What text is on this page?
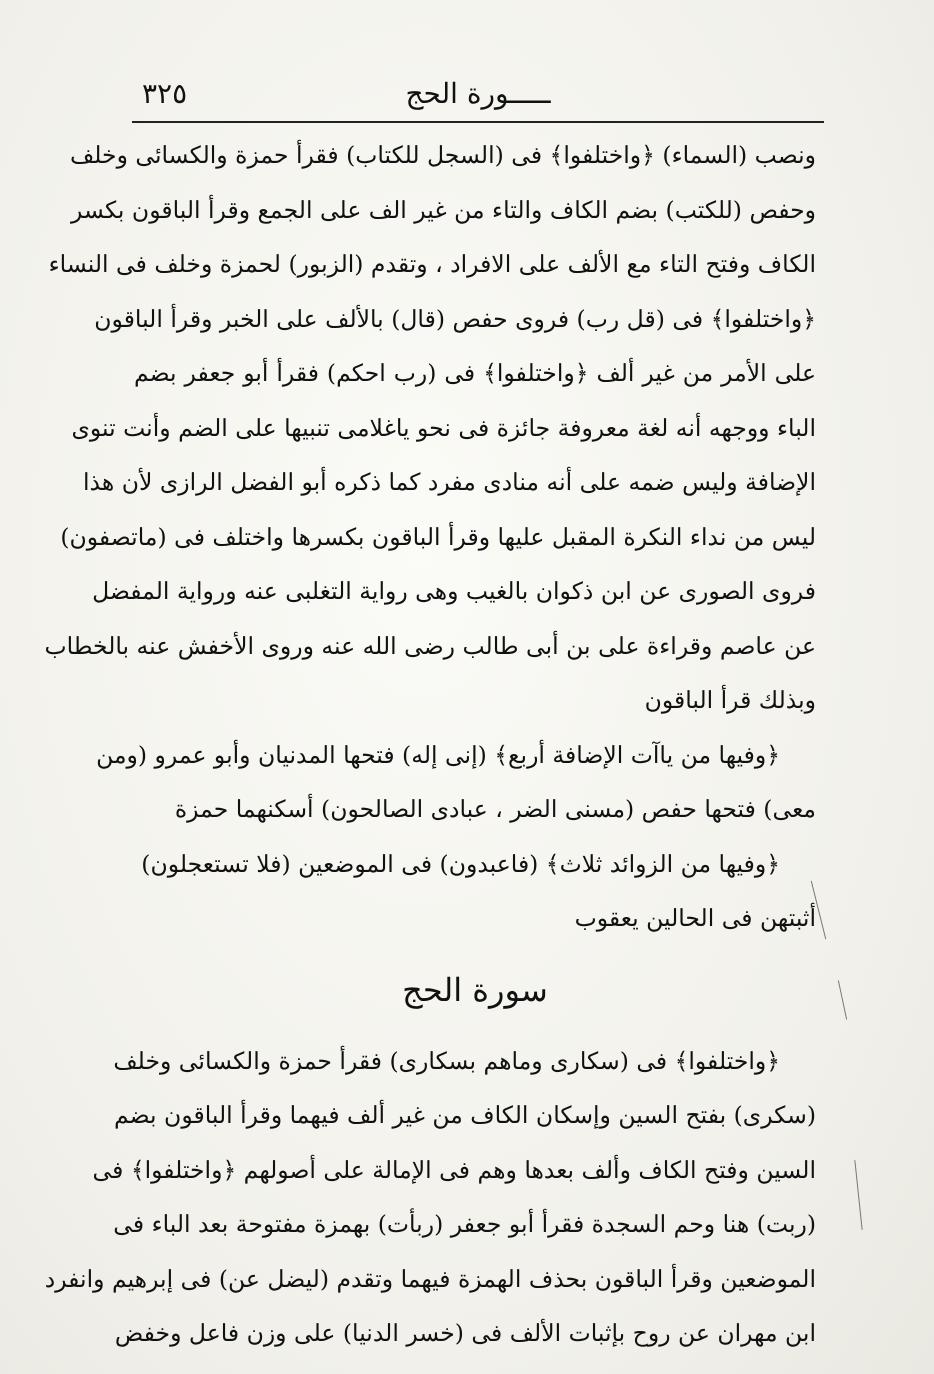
ـــــورة الحج
٣٢٥
ونصب (السماء) ﴿واختلفوا﴾ فى (السجل للكتاب) فقرأ حمزة والكسائى وخلف
وحفص (للكتب) بضم الكاف والتاء من غير الف على الجمع وقرأ الباقون بكسر
الكاف وفتح التاء مع الألف على الافراد ، وتقدم (الزبور) لحمزة وخلف فى النساء
﴿واختلفوا﴾ فى (قل رب) فروى حفص (قال) بالألف على الخبر وقرأ الباقون
على الأمر من غير ألف ﴿واختلفوا﴾ فى (رب احكم) فقرأ أبو جعفر بضم
الباء ووجهه أنه لغة معروفة جائزة فى نحو ياغلامى تنبيها على الضم وأنت تنوى
الإضافة وليس ضمه على أنه منادى مفرد كما ذكره أبو الفضل الرازى لأن هذا
ليس من نداء النكرة المقبل عليها وقرأ الباقون بكسرها واختلف فى (ماتصفون)
فروى الصورى عن ابن ذكوان بالغيب وهى رواية التغلبى عنه ورواية المفضل
عن عاصم وقراءة على بن أبى طالب رضى الله عنه وروى الأخفش عنه بالخطاب
وبذلك قرأ الباقون
﴿وفيها من ياآت الإضافة أربع﴾ (إنى إله) فتحها المدنيان وأبو عمرو (ومن
معى) فتحها حفص (مسنى الضر ، عبادى الصالحون) أسكنهما حمزة
﴿وفيها من الزوائد ثلاث﴾ (فاعبدون) فى الموضعين (فلا تستعجلون)
أثبتهن فى الحالين يعقوب
سورة الحج
﴿واختلفوا﴾ فى (سكارى وماهم بسكارى) فقرأ حمزة والكسائى وخلف
(سكرى) بفتح السين وإسكان الكاف من غير ألف فيهما وقرأ الباقون بضم
السين وفتح الكاف وألف بعدها وهم فى الإمالة على أصولهم ﴿واختلفوا﴾ فى
(ربت) هنا وحم السجدة فقرأ أبو جعفر (ربأت) بهمزة مفتوحة بعد الباء فى
الموضعين وقرأ الباقون بحذف الهمزة فيهما وتقدم (ليضل عن) فى إبرهيم وانفرد
ابن مهران عن روح بإثبات الألف فى (خسر الدنيا) على وزن فاعل وخفض
